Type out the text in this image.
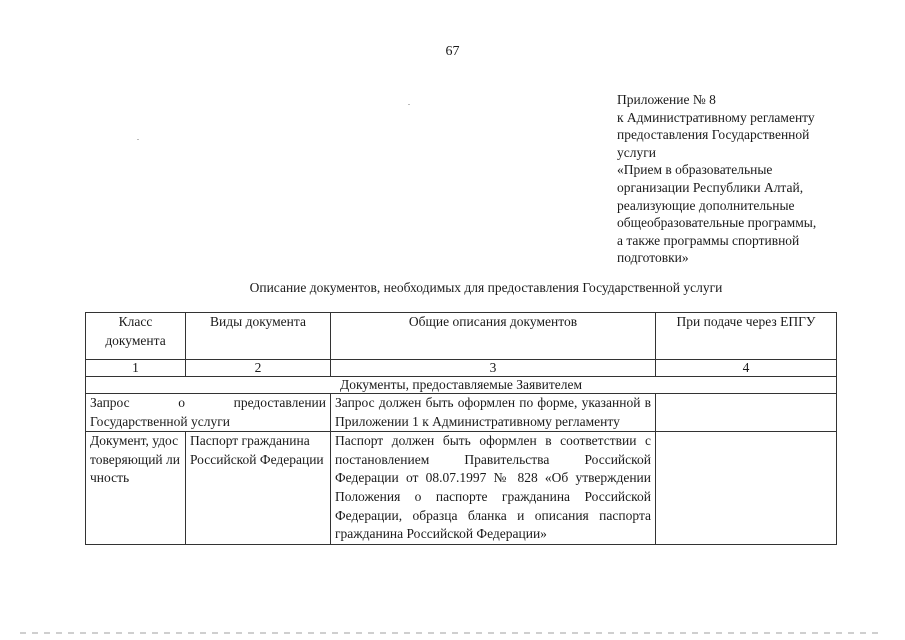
67
Приложение № 8
к Административному регламенту
предоставления Государственной
услуги
«Прием в образовательные
организации Республики Алтай,
реализующие дополнительные
общеобразовательные программы,
а также программы спортивной
подготовки»
Описание документов, необходимых для предоставления Государственной услуги
Класс документа	Виды документа	Общие описания документов	При подаче через ЕПГУ
1	2	3	4
Документы, предоставляемые Заявителем			
Запрос о предоставлении Государственной услуги		Запрос должен быть оформлен по форме, указанной в Приложении 1 к Административному регламенту	
Документ, удостоверяющий личность	Паспорт гражданина Российской Федерации	Паспорт должен быть оформлен в соответствии с постановлением Правительства Российской Федерации от 08.07.1997 № 828 «Об утверждении Положения о паспорте гражданина Российской Федерации, образца бланка и описания паспорта гражданина Российской Федерации»	
